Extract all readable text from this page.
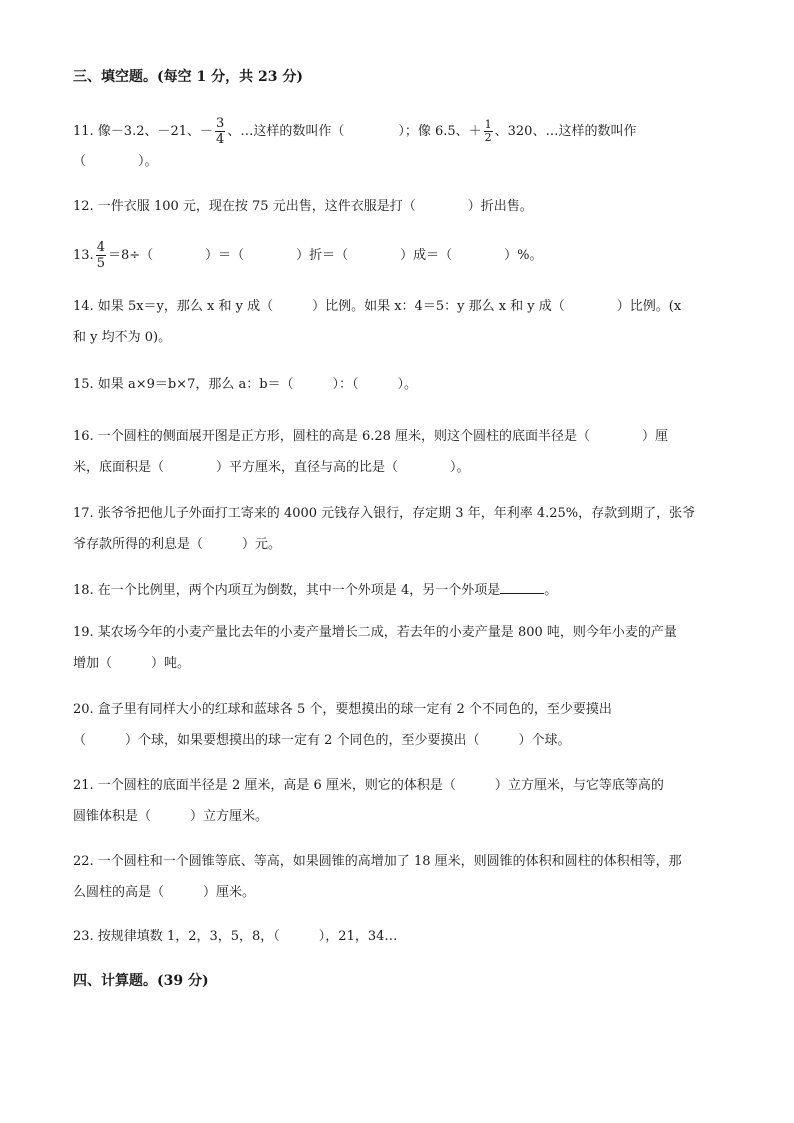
三、填空题。(每空 1 分，共 23 分)
11. 像－3.2、－21、－ $\frac{3}{4}$ 、…这样的数叫作（	）；像 6.5、＋ $\frac{1}{2}$ 、320、…这样的数叫作
（　　　　）。
12. 一件衣服 100 元，现在按 75 元出售，这件衣服是打（　　　　）折出售。
13. $\frac{4}{5} =8\div$（　　　　）＝（　　　　）折＝（　　　　）成＝（　　　　）%。
14. 如果 5x＝y，那么 x 和 y 成（　　　）比例。如果 x：4＝5：y 那么 x 和 y 成（　　　　）比例。(x
和 y 均不为 0)。
15. 如果 a×9＝b×7，那么 a：b＝（　　　）：（　　　）。
16. 一个圆柱的侧面展开图是正方形，圆柱的高是 6.28 厘米，则这个圆柱的底面半径是（　　　　）厘
米，底面积是（　　　　）平方厘米，直径与高的比是（　　　　）。
17. 张爷爷把他儿子外面打工寄来的 4000 元钱存入银行，存定期 3 年，年利率 4.25%，存款到期了，张爷
爷存款所得的利息是（　　　）元。
18. 在一个比例里，两个内项互为倒数，其中一个外项是 4，另一个外项是	。
19. 某农场今年的小麦产量比去年的小麦产量增长二成，若去年的小麦产量是 800 吨，则今年小麦的产量
增加（　　　）吨。
20. 盒子里有同样大小的红球和蓝球各 5 个，要想摸出的球一定有 2 个不同色的，至少要摸出
（　　　）个球，如果要想摸出的球一定有 2 个同色的，至少要摸出（　　　）个球。
21. 一个圆柱的底面半径是 2 厘米，高是 6 厘米，则它的体积是（　　　）立方厘米，与它等底等高的
圆锥体积是（　　　）立方厘米。
22. 一个圆柱和一个圆锥等底、等高，如果圆锥的高增加了 18 厘米，则圆锥的体积和圆柱的体积相等，那
么圆柱的高是（　　　）厘米。
23. 按规律填数 1，2，3，5，8，（　　　），21，34…
四、计算题。(39 分)
